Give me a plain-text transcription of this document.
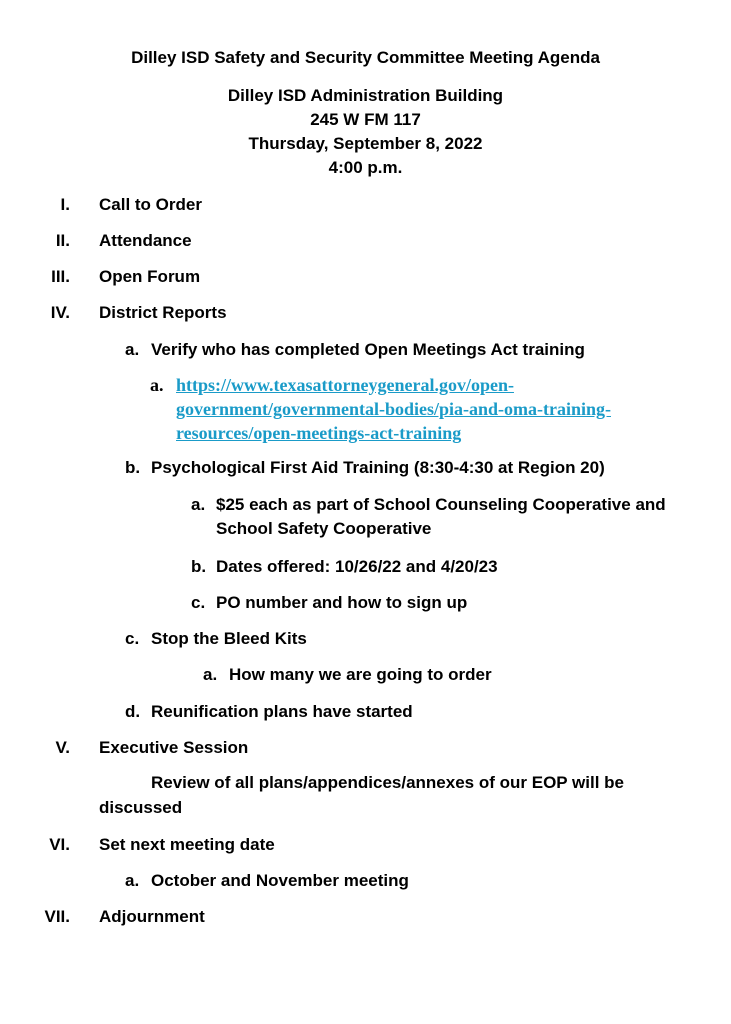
Dilley ISD Safety and Security Committee Meeting Agenda
Dilley ISD Administration Building
245 W FM 117
Thursday, September 8, 2022
4:00 p.m.
I. Call to Order
II. Attendance
III. Open Forum
IV. District Reports
a. Verify who has completed Open Meetings Act training
a. https://www.texasattorneygeneral.gov/open-
government/governmental-bodies/pia-and-oma-training-
resources/open-meetings-act-training
b. Psychological First Aid Training (8:30-4:30 at Region 20)
a. $25 each as part of School Counseling Cooperative and
School Safety Cooperative
b. Dates offered: 10/26/22 and 4/20/23
c. PO number and how to sign up
c. Stop the Bleed Kits
a. How many we are going to order
d. Reunification plans have started
V. Executive Session
Review of all plans/appendices/annexes of our EOP will be
discussed
VI. Set next meeting date
a. October and November meeting
VII. Adjournment
